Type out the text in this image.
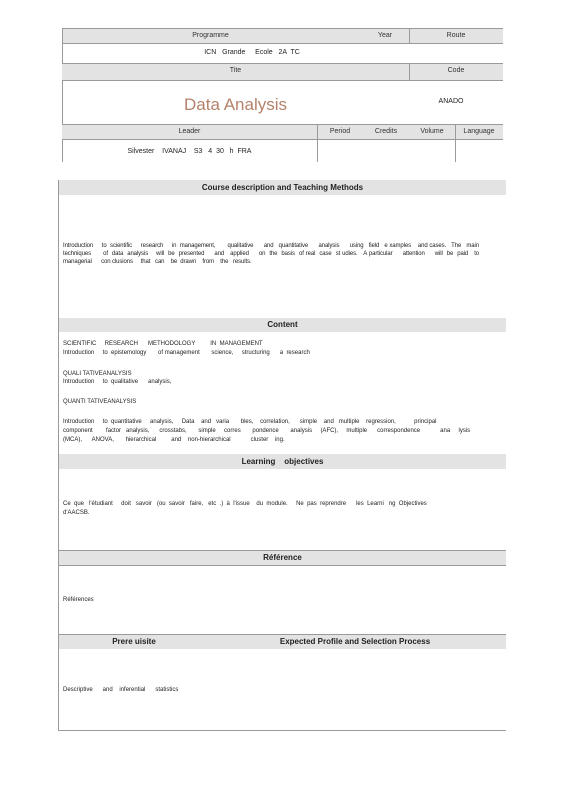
Programme	Year	Route
ICN   Grande     Ecole   2A  TC
Tite	Code
Data Analysis	ANADO
Leader	Period	Credits	Volume	Language
Silvester    IVANAJ    S3   4  30   h  FRA
Course description and Teaching Methods
Introduction     to  scientific     research     in  management,       qualitative      and   quantitative      analysis      using   field   e xamples    and cases.   The   main   techniques      of  data  analysis    will  be  presented     and   applied     on  the  basis  of real  case  st udies.   A particular     attention     will  be  paid   to  managerial      con clusions     that   can    be  drawn    from    the   results.
Content
SCIENTIFIC     RESEARCH      METHODOLOGY         IN  MANAGEMENT
Introduction     to  epistemology       of management       science,     structuring      a  research
QUALI TATIVEANALYSIS
Introduction     to  qualitative      analysis,
QUANTI TATIVEANALYSIS
Introduction     to  quantitative     analysis,     Data    and   varia       bles,    correlation,      simple    and   multiple    regression,           principal
component        factor   analysis,      crosstabs,       simple     corres       pondence       analysis     (AFC),     multiple      correspondence            ana     lysis
(MCA),      ANOVA,       hierarchical         and    non-hierarchical            cluster    ing.
Learning    objectives
Ce  que   l'étudiant     doit   savoir   (ou  savoir   faire,   etc  .)  à  l'issue    du  module.     Ne  pas  reprendre      les  Learni   ng  Objectives
d'AACSB.
Référence
Références
Prere uisite	Expected Profile and Selection Process
Descriptive      and    inferential      statistics
